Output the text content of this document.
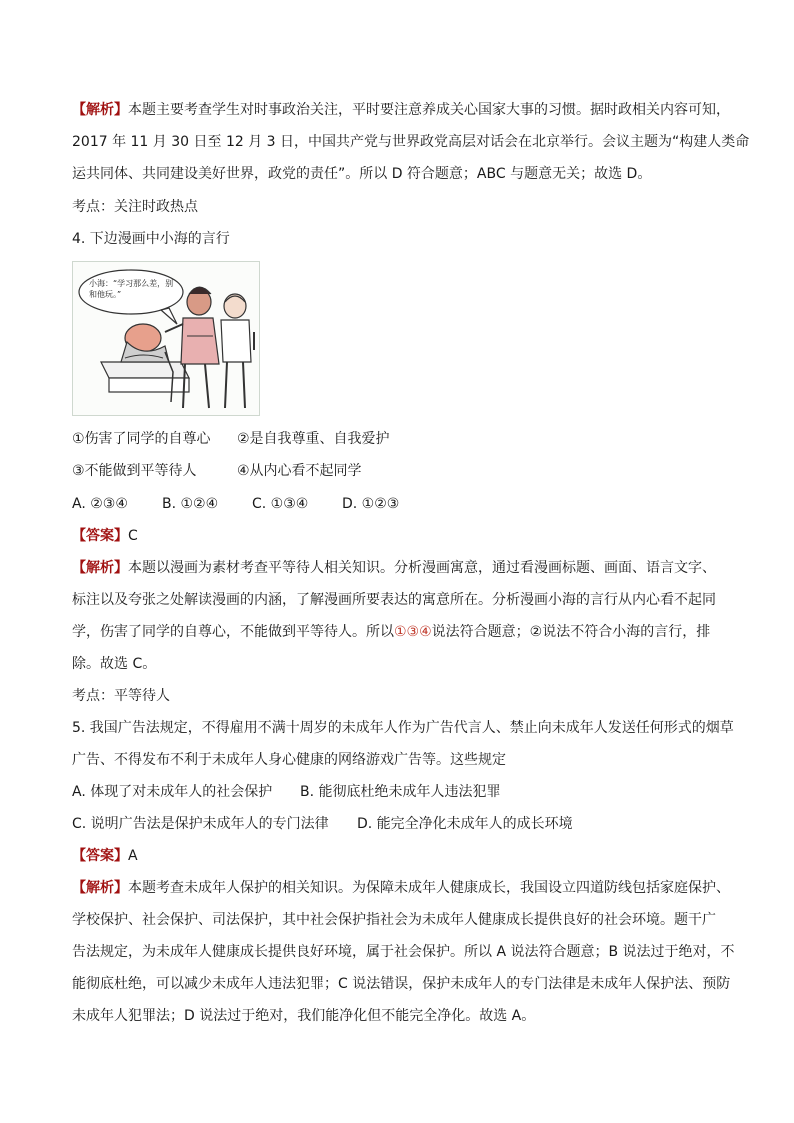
【解析】本题主要考查学生对时事政治关注，平时要注意养成关心国家大事的习惯。据时政相关内容可知，
2017 年 11 月 30 日至 12 月 3 日，中国共产党与世界政党高层对话会在北京举行。会议主题为“构建人类命
运共同体、共同建设美好世界，政党的责任”。所以 D 符合题意；ABC 与题意无关；故选 D。
考点：关注时政热点
4. 下边漫画中小海的言行
①伤害了同学的自尊心 ②是自我尊重、自我爱护
③不能做到平等待人	④从内心看不起同学
A. ②③④ B. ①②④ C. ①③④ D. ①②③
【答案】C
【解析】本题以漫画为素材考查平等待人相关知识。分析漫画寓意，通过看漫画标题、画面、语言文字、
标注以及夸张之处解读漫画的内涵，了解漫画所要表达的寓意所在。分析漫画小海的言行从内心看不起同
学，伤害了同学的自尊心，不能做到平等待人。所以①③④说法符合题意；②说法不符合小海的言行，排
除。故选 C。
考点：平等待人
5. 我国广告法规定，不得雇用不满十周岁的未成年人作为广告代言人、禁止向未成年人发送任何形式的烟草
广告、不得发布不利于未成年人身心健康的网络游戏广告等。这些规定
A. 体现了对未成年人的社会保护 B. 能彻底杜绝未成年人违法犯罪
C. 说明广告法是保护未成年人的专门法律 D. 能完全净化未成年人的成长环境
【答案】A
【解析】本题考查未成年人保护的相关知识。为保障未成年人健康成长，我国设立四道防线包括家庭保护、
学校保护、社会保护、司法保护，其中社会保护指社会为未成年人健康成长提供良好的社会环境。题干广
告法规定，为未成年人健康成长提供良好环境，属于社会保护。所以 A 说法符合题意；B 说法过于绝对，不
能彻底杜绝，可以减少未成年人违法犯罪；C 说法错误，保护未成年人的专门法律是未成年人保护法、预防
未成年人犯罪法；D 说法过于绝对，我们能净化但不能完全净化。故选 A。
小海：“学习那么差，别和他玩。”
